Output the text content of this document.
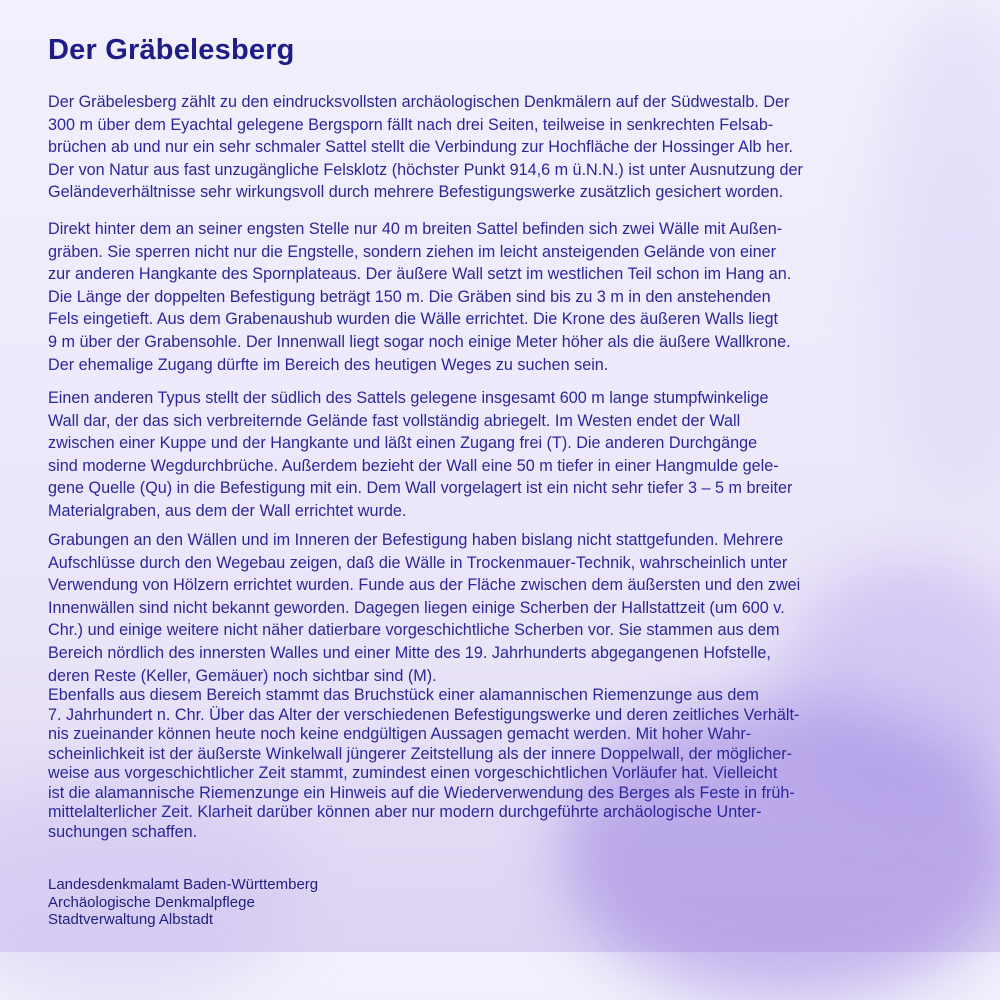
Der Gräbelesberg
Der Gräbelesberg zählt zu den eindrucksvollsten archäologischen Denkmälern auf der Südwestalb. Der
300 m über dem Eyachtal gelegene Bergsporn fällt nach drei Seiten, teilweise in senkrechten Felsab-
brüchen ab und nur ein sehr schmaler Sattel stellt die Verbindung zur Hochfläche der Hossinger Alb her.
Der von Natur aus fast unzugängliche Felsklotz (höchster Punkt 914,6 m ü.N.N.) ist unter Ausnutzung der
Geländeverhältnisse sehr wirkungsvoll durch mehrere Befestigungswerke zusätzlich gesichert worden.
Direkt hinter dem an seiner engsten Stelle nur 40 m breiten Sattel befinden sich zwei Wälle mit Außen-
gräben. Sie sperren nicht nur die Engstelle, sondern ziehen im leicht ansteigenden Gelände von einer
zur anderen Hangkante des Spornplateaus. Der äußere Wall setzt im westlichen Teil schon im Hang an.
Die Länge der doppelten Befestigung beträgt 150 m. Die Gräben sind bis zu 3 m in den anstehenden
Fels eingetieft. Aus dem Grabenaushub wurden die Wälle errichtet. Die Krone des äußeren Walls liegt
9 m über der Grabensohle. Der Innenwall liegt sogar noch einige Meter höher als die äußere Wallkrone.
Der ehemalige Zugang dürfte im Bereich des heutigen Weges zu suchen sein.
Einen anderen Typus stellt der südlich des Sattels gelegene insgesamt 600 m lange stumpfwinkelige
Wall dar, der das sich verbreiternde Gelände fast vollständig abriegelt. Im Westen endet der Wall
zwischen einer Kuppe und der Hangkante und läßt einen Zugang frei (T). Die anderen Durchgänge
sind moderne Wegdurchbrüche. Außerdem bezieht der Wall eine 50 m tiefer in einer Hangmulde gele-
gene Quelle (Qu) in die Befestigung mit ein. Dem Wall vorgelagert ist ein nicht sehr tiefer 3 – 5 m breiter
Materialgraben, aus dem der Wall errichtet wurde.
Grabungen an den Wällen und im Inneren der Befestigung haben bislang nicht stattgefunden. Mehrere
Aufschlüsse durch den Wegebau zeigen, daß die Wälle in Trockenmauer-Technik, wahrscheinlich unter
Verwendung von Hölzern errichtet wurden. Funde aus der Fläche zwischen dem äußersten und den zwei
Innenwällen sind nicht bekannt geworden. Dagegen liegen einige Scherben der Hallstattzeit (um 600 v.
Chr.) und einige weitere nicht näher datierbare vorgeschichtliche Scherben vor. Sie stammen aus dem
Bereich nördlich des innersten Walles und einer Mitte des 19. Jahrhunderts abgegangenen Hofstelle,
deren Reste (Keller, Gemäuer) noch sichtbar sind (M).
Ebenfalls aus diesem Bereich stammt das Bruchstück einer alamannischen Riemenzunge aus dem
7. Jahrhundert n. Chr. Über das Alter der verschiedenen Befestigungswerke und deren zeitliches Verhält-
nis zueinander können heute noch keine endgültigen Aussagen gemacht werden. Mit hoher Wahr-
scheinlichkeit ist der äußerste Winkelwall jüngerer Zeitstellung als der innere Doppelwall, der möglicher-
weise aus vorgeschichtlicher Zeit stammt, zumindest einen vorgeschichtlichen Vorläufer hat. Vielleicht
ist die alamannische Riemenzunge ein Hinweis auf die Wiederverwendung des Berges als Feste in früh-
mittelalterlicher Zeit. Klarheit darüber können aber nur modern durchgeführte archäologische Unter-
suchungen schaffen.
Landesdenkmalamt Baden-Württemberg
Archäologische Denkmalpflege
Stadtverwaltung Albstadt
